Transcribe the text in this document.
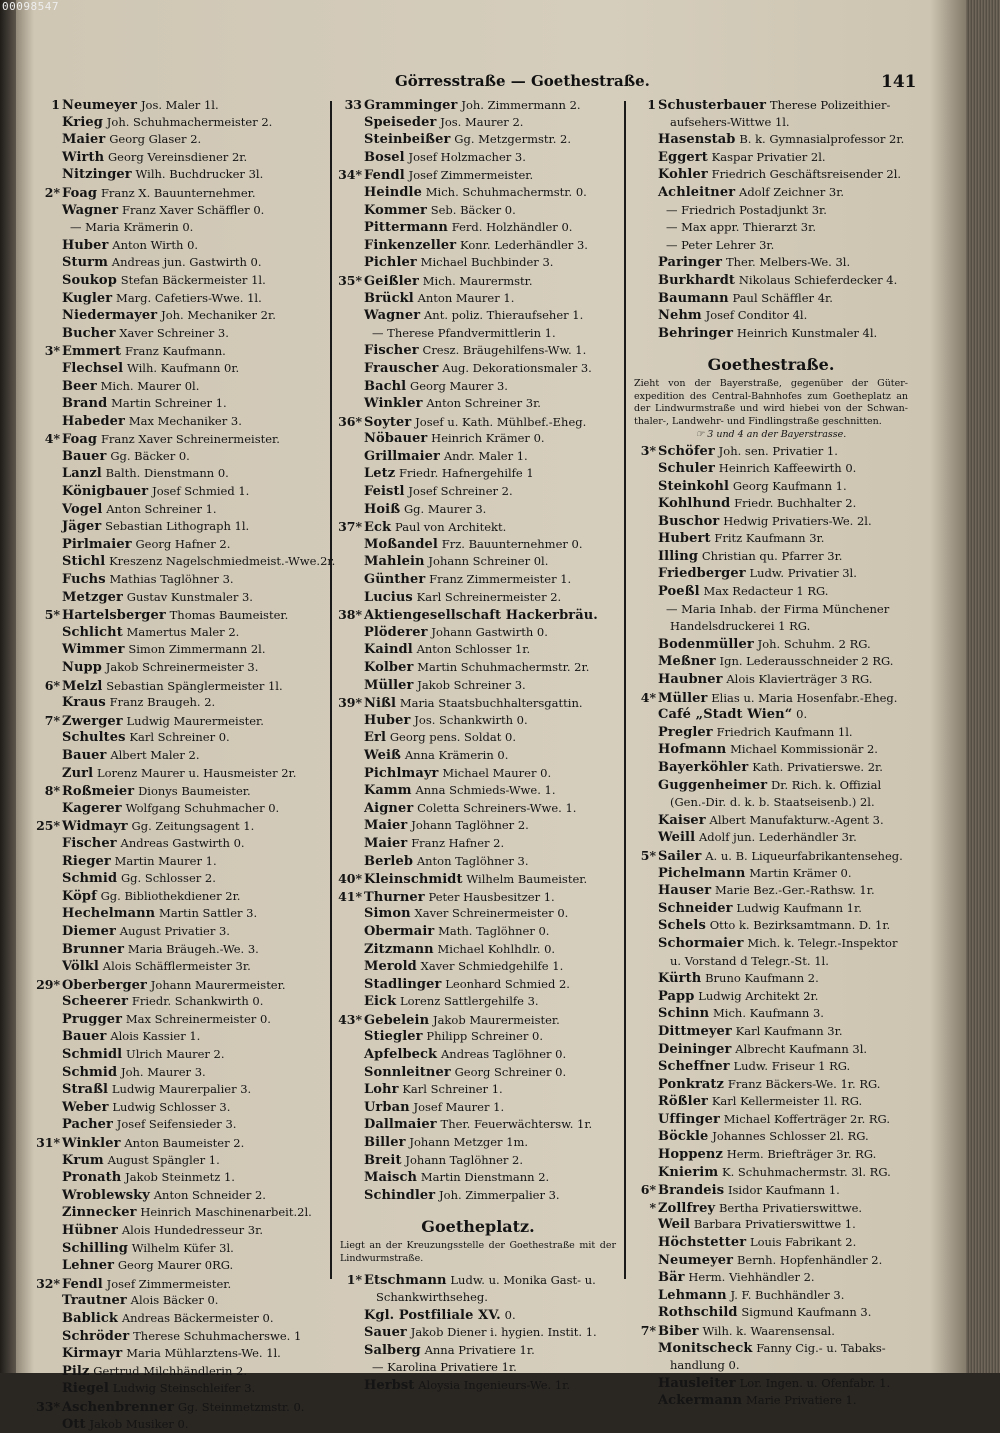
00098547
Görresstraße — Goethestraße.	141
1 Neumeyer Jos. Maler 1l.
Krieg Joh. Schuhmachermeister 2.
Maier Georg Glaser 2.
Wirth Georg Vereinsdiener 2r.
Nitzinger Wilh. Buchdrucker 3l.
2* Foag Franz X. Bauunternehmer.
Wagner Franz Xaver Schäffler 0.
— Maria Krämerin 0.
Huber Anton Wirth 0.
Sturm Andreas jun. Gastwirth 0.
Soukop Stefan Bäckermeister 1l.
Kugler Marg. Cafetiers-Wwe. 1l.
Niedermayer Joh. Mechaniker 2r.
Bucher Xaver Schreiner 3.
3* Emmert Franz Kaufmann.
Flechsel Wilh. Kaufmann 0r.
Beer Mich. Maurer 0l.
Brand Martin Schreiner 1.
Habeder Max Mechaniker 3.
4* Foag Franz Xaver Schreinermeister.
Bauer Gg. Bäcker 0.
Lanzl Balth. Dienstmann 0.
Königbauer Josef Schmied 1.
Vogel Anton Schreiner 1.
Jäger Sebastian Lithograph 1l.
Pirlmaier Georg Hafner 2.
Stichl Kreszenz Nagelschmiedmeist.-Wwe.2r.
Fuchs Mathias Taglöhner 3.
Metzger Gustav Kunstmaler 3.
5* Hartelsberger Thomas Baumeister.
Schlicht Mamertus Maler 2.
Wimmer Simon Zimmermann 2l.
Nupp Jakob Schreinermeister 3.
6* Melzl Sebastian Spänglermeister 1l.
Kraus Franz Braugeh. 2.
7* Zwerger Ludwig Maurermeister.
Schultes Karl Schreiner 0.
Bauer Albert Maler 2.
Zurl Lorenz Maurer u. Hausmeister 2r.
8* Roßmeier Dionys Baumeister.
Kagerer Wolfgang Schuhmacher 0.
25* Widmayr Gg. Zeitungsagent 1.
Fischer Andreas Gastwirth 0.
Rieger Martin Maurer 1.
Schmid Gg. Schlosser 2.
Köpf Gg. Bibliothekdiener 2r.
Hechelmann Martin Sattler 3.
Diemer August Privatier 3.
Brunner Maria Bräugeh.-We. 3.
Völkl Alois Schäfflermeister 3r.
29* Oberberger Johann Maurermeister.
Scheerer Friedr. Schankwirth 0.
Prugger Max Schreinermeister 0.
Bauer Alois Kassier 1.
Schmidl Ulrich Maurer 2.
Schmid Joh. Maurer 3.
Straßl Ludwig Maurerpalier 3.
Weber Ludwig Schlosser 3.
Pacher Josef Seifensieder 3.
31* Winkler Anton Baumeister 2.
Krum August Spängler 1.
Pronath Jakob Steinmetz 1.
Wroblewsky Anton Schneider 2.
Zinnecker Heinrich Maschinenarbeit.2l.
Hübner Alois Hundedresseur 3r.
Schilling Wilhelm Küfer 3l.
Lehner Georg Maurer 0RG.
32* Fendl Josef Zimmermeister.
Trautner Alois Bäcker 0.
Bablick Andreas Bäckermeister 0.
Schröder Therese Schuhmacherswe. 1
Kirmayr Maria Mühlarztens-We. 1l.
Pilz Gertrud Milchhändlerin 2.
Riegel Ludwig Steinschleifer 3.
33* Aschenbrenner Gg. Steinmetzmstr. 0.
Ott Jakob Musiker 0.
33 Gramminger Joh. Zimmermann 2.
Speiseder Jos. Maurer 2.
Steinbeißer Gg. Metzgermstr. 2.
Bosel Josef Holzmacher 3.
34* Fendl Josef Zimmermeister.
Heindle Mich. Schuhmachermstr. 0.
Kommer Seb. Bäcker 0.
Pittermann Ferd. Holzhändler 0.
Finkenzeller Konr. Lederhändler 3.
Pichler Michael Buchbinder 3.
35* Geißler Mich. Maurermstr.
Brückl Anton Maurer 1.
Wagner Ant. poliz. Thieraufseher 1.
— Therese Pfandvermittlerin 1.
Fischer Cresz. Bräugehilfens-Ww. 1.
Frauscher Aug. Dekorationsmaler 3.
Bachl Georg Maurer 3.
Winkler Anton Schreiner 3r.
36* Soyter Josef u. Kath. Mühlbef.-Eheg.
Nöbauer Heinrich Krämer 0.
Grillmaier Andr. Maler 1.
Letz Friedr. Hafnergehilfe 1
Feistl Josef Schreiner 2.
Hoiß Gg. Maurer 3.
37* Eck Paul von Architekt.
Moßandel Frz. Bauunternehmer 0.
Mahlein Johann Schreiner 0l.
Günther Franz Zimmermeister 1.
Lucius Karl Schreinermeister 2.
38* Aktiengesellschaft Hackerbräu.
Plöderer Johann Gastwirth 0.
Kaindl Anton Schlosser 1r.
Kolber Martin Schuhmachermstr. 2r.
Müller Jakob Schreiner 3.
39* Nißl Maria Staatsbuchhaltersgattin.
Huber Jos. Schankwirth 0.
Erl Georg pens. Soldat 0.
Weiß Anna Krämerin 0.
Pichlmayr Michael Maurer 0.
Kamm Anna Schmieds-Wwe. 1.
Aigner Coletta Schreiners-Wwe. 1.
Maier Johann Taglöhner 2.
Maier Franz Hafner 2.
Berleb Anton Taglöhner 3.
40* Kleinschmidt Wilhelm Baumeister.
41* Thurner Peter Hausbesitzer 1.
Simon Xaver Schreinermeister 0.
Obermair Math. Taglöhner 0.
Zitzmann Michael Kohlhdlr. 0.
Merold Xaver Schmiedgehilfe 1.
Stadlinger Leonhard Schmied 2.
Eick Lorenz Sattlergehilfe 3.
43* Gebelein Jakob Maurermeister.
Stiegler Philipp Schreiner 0.
Apfelbeck Andreas Taglöhner 0.
Sonnleitner Georg Schreiner 0.
Lohr Karl Schreiner 1.
Urban Josef Maurer 1.
Dallmaier Ther. Feuerwächtersw. 1r.
Biller Johann Metzger 1m.
Breit Johann Taglöhner 2.
Maisch Martin Dienstmann 2.
Schindler Joh. Zimmerpalier 3.
Goetheplatz.
Liegt an der Kreuzungsstelle der Goethestraße mit der Lindwurmstraße.
1* Etschmann Ludw. u. Monika Gast- u.
Schankwirthseheg.
Kgl. Postfiliale XV. 0.
Sauer Jakob Diener i. hygien. Instit. 1.
Salberg Anna Privatiere 1r.
— Karolina Privatiere 1r.
Herbst Aloysia Ingenieurs-We. 1r.
1 Schusterbauer Therese Polizeithier-
aufsehers-Wittwe 1l.
Hasenstab B. k. Gymnasialprofessor 2r.
Eggert Kaspar Privatier 2l.
Kohler Friedrich Geschäftsreisender 2l.
Achleitner Adolf Zeichner 3r.
— Friedrich Postadjunkt 3r.
— Max appr. Thierarzt 3r.
— Peter Lehrer 3r.
Paringer Ther. Melbers-We. 3l.
Burkhardt Nikolaus Schieferdecker 4.
Baumann Paul Schäffler 4r.
Nehm Josef Conditor 4l.
Behringer Heinrich Kunstmaler 4l.
Goethestraße.
Zieht von der Bayerstraße, gegenüber der Güter-expedition des Central-Bahnhofes zum Goetheplatz an der Lindwurmstraße und wird hiebei von der Schwan-thaler-, Landwehr- und Findlingstraße geschnitten.
☞ 3 und 4 an der Bayerstrasse.
3* Schöfer Joh. sen. Privatier 1.
Schuler Heinrich Kaffeewirth 0.
Steinkohl Georg Kaufmann 1.
Kohlhund Friedr. Buchhalter 2.
Buschor Hedwig Privatiers-We. 2l.
Hubert Fritz Kaufmann 3r.
Illing Christian qu. Pfarrer 3r.
Friedberger Ludw. Privatier 3l.
Poeßl Max Redacteur 1 RG.
— Maria Inhab. der Firma Münchener
Handelsdruckerei 1 RG.
Bodenmüller Joh. Schuhm. 2 RG.
Meßner Ign. Lederausschneider 2 RG.
Haubner Alois Klavierträger 3 RG.
4* Müller Elias u. Maria Hosenfabr.-Eheg.
Café „Stadt Wien“ 0.
Pregler Friedrich Kaufmann 1l.
Hofmann Michael Kommissionär 2.
Bayerköhler Kath. Privatierswe. 2r.
Guggenheimer Dr. Rich. k. Offizial
(Gen.-Dir. d. k. b. Staatseisenb.) 2l.
Kaiser Albert Manufakturw.-Agent 3.
Weill Adolf jun. Lederhändler 3r.
5* Sailer A. u. B. Liqueurfabrikantenseheg.
Pichelmann Martin Krämer 0.
Hauser Marie Bez.-Ger.-Rathsw. 1r.
Schneider Ludwig Kaufmann 1r.
Schels Otto k. Bezirksamtmann. D. 1r.
Schormaier Mich. k. Telegr.-Inspektor
u. Vorstand d Telegr.-St. 1l.
Kürth Bruno Kaufmann 2.
Papp Ludwig Architekt 2r.
Schinn Mich. Kaufmann 3.
Dittmeyer Karl Kaufmann 3r.
Deininger Albrecht Kaufmann 3l.
Scheffner Ludw. Friseur 1 RG.
Ponkratz Franz Bäckers-We. 1r. RG.
Rößler Karl Kellermeister 1l. RG.
Uffinger Michael Kofferträger 2r. RG.
Böckle Johannes Schlosser 2l. RG.
Hoppenz Herm. Briefträger 3r. RG.
Knierim K. Schuhmachermstr. 3l. RG.
6* Brandeis Isidor Kaufmann 1.
* Zollfrey Bertha Privatierswittwe.
Weil Barbara Privatierswittwe 1.
Höchstetter Louis Fabrikant 2.
Neumeyer Bernh. Hopfenhändler 2.
Bär Herm. Viehhändler 2.
Lehmann J. F. Buchhändler 3.
Rothschild Sigmund Kaufmann 3.
7* Biber Wilh. k. Waarensensal.
Monitscheck Fanny Cig.- u. Tabaks-
handlung 0.
Hausleiter Lor. Ingen. u. Ofenfabr. 1.
Ackermann Marie Privatiere 1.
